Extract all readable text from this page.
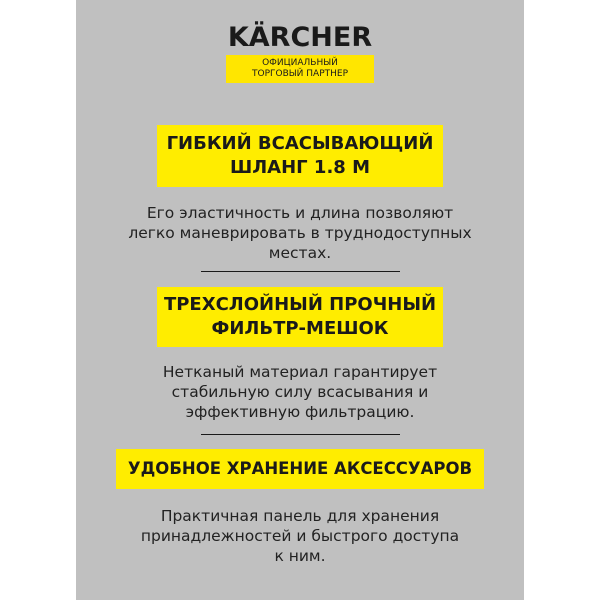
KÄRCHER
ОФИЦИАЛЬНЫЙ
ТОРГОВЫЙ ПАРТНЕР
ГИБКИЙ ВСАСЫВАЮЩИЙ
ШЛАНГ 1.8 М
Его эластичность и длина позволяют
легко маневрировать в труднодоступных
местах.
ТРЕХСЛОЙНЫЙ ПРОЧНЫЙ
ФИЛЬТР-МЕШОК
Нетканый материал гарантирует
стабильную силу всасывания и
эффективную фильтрацию.
УДОБНОЕ ХРАНЕНИЕ АКСЕССУАРОВ
Практичная панель для хранения
принадлежностей и быстрого доступа
к ним.
